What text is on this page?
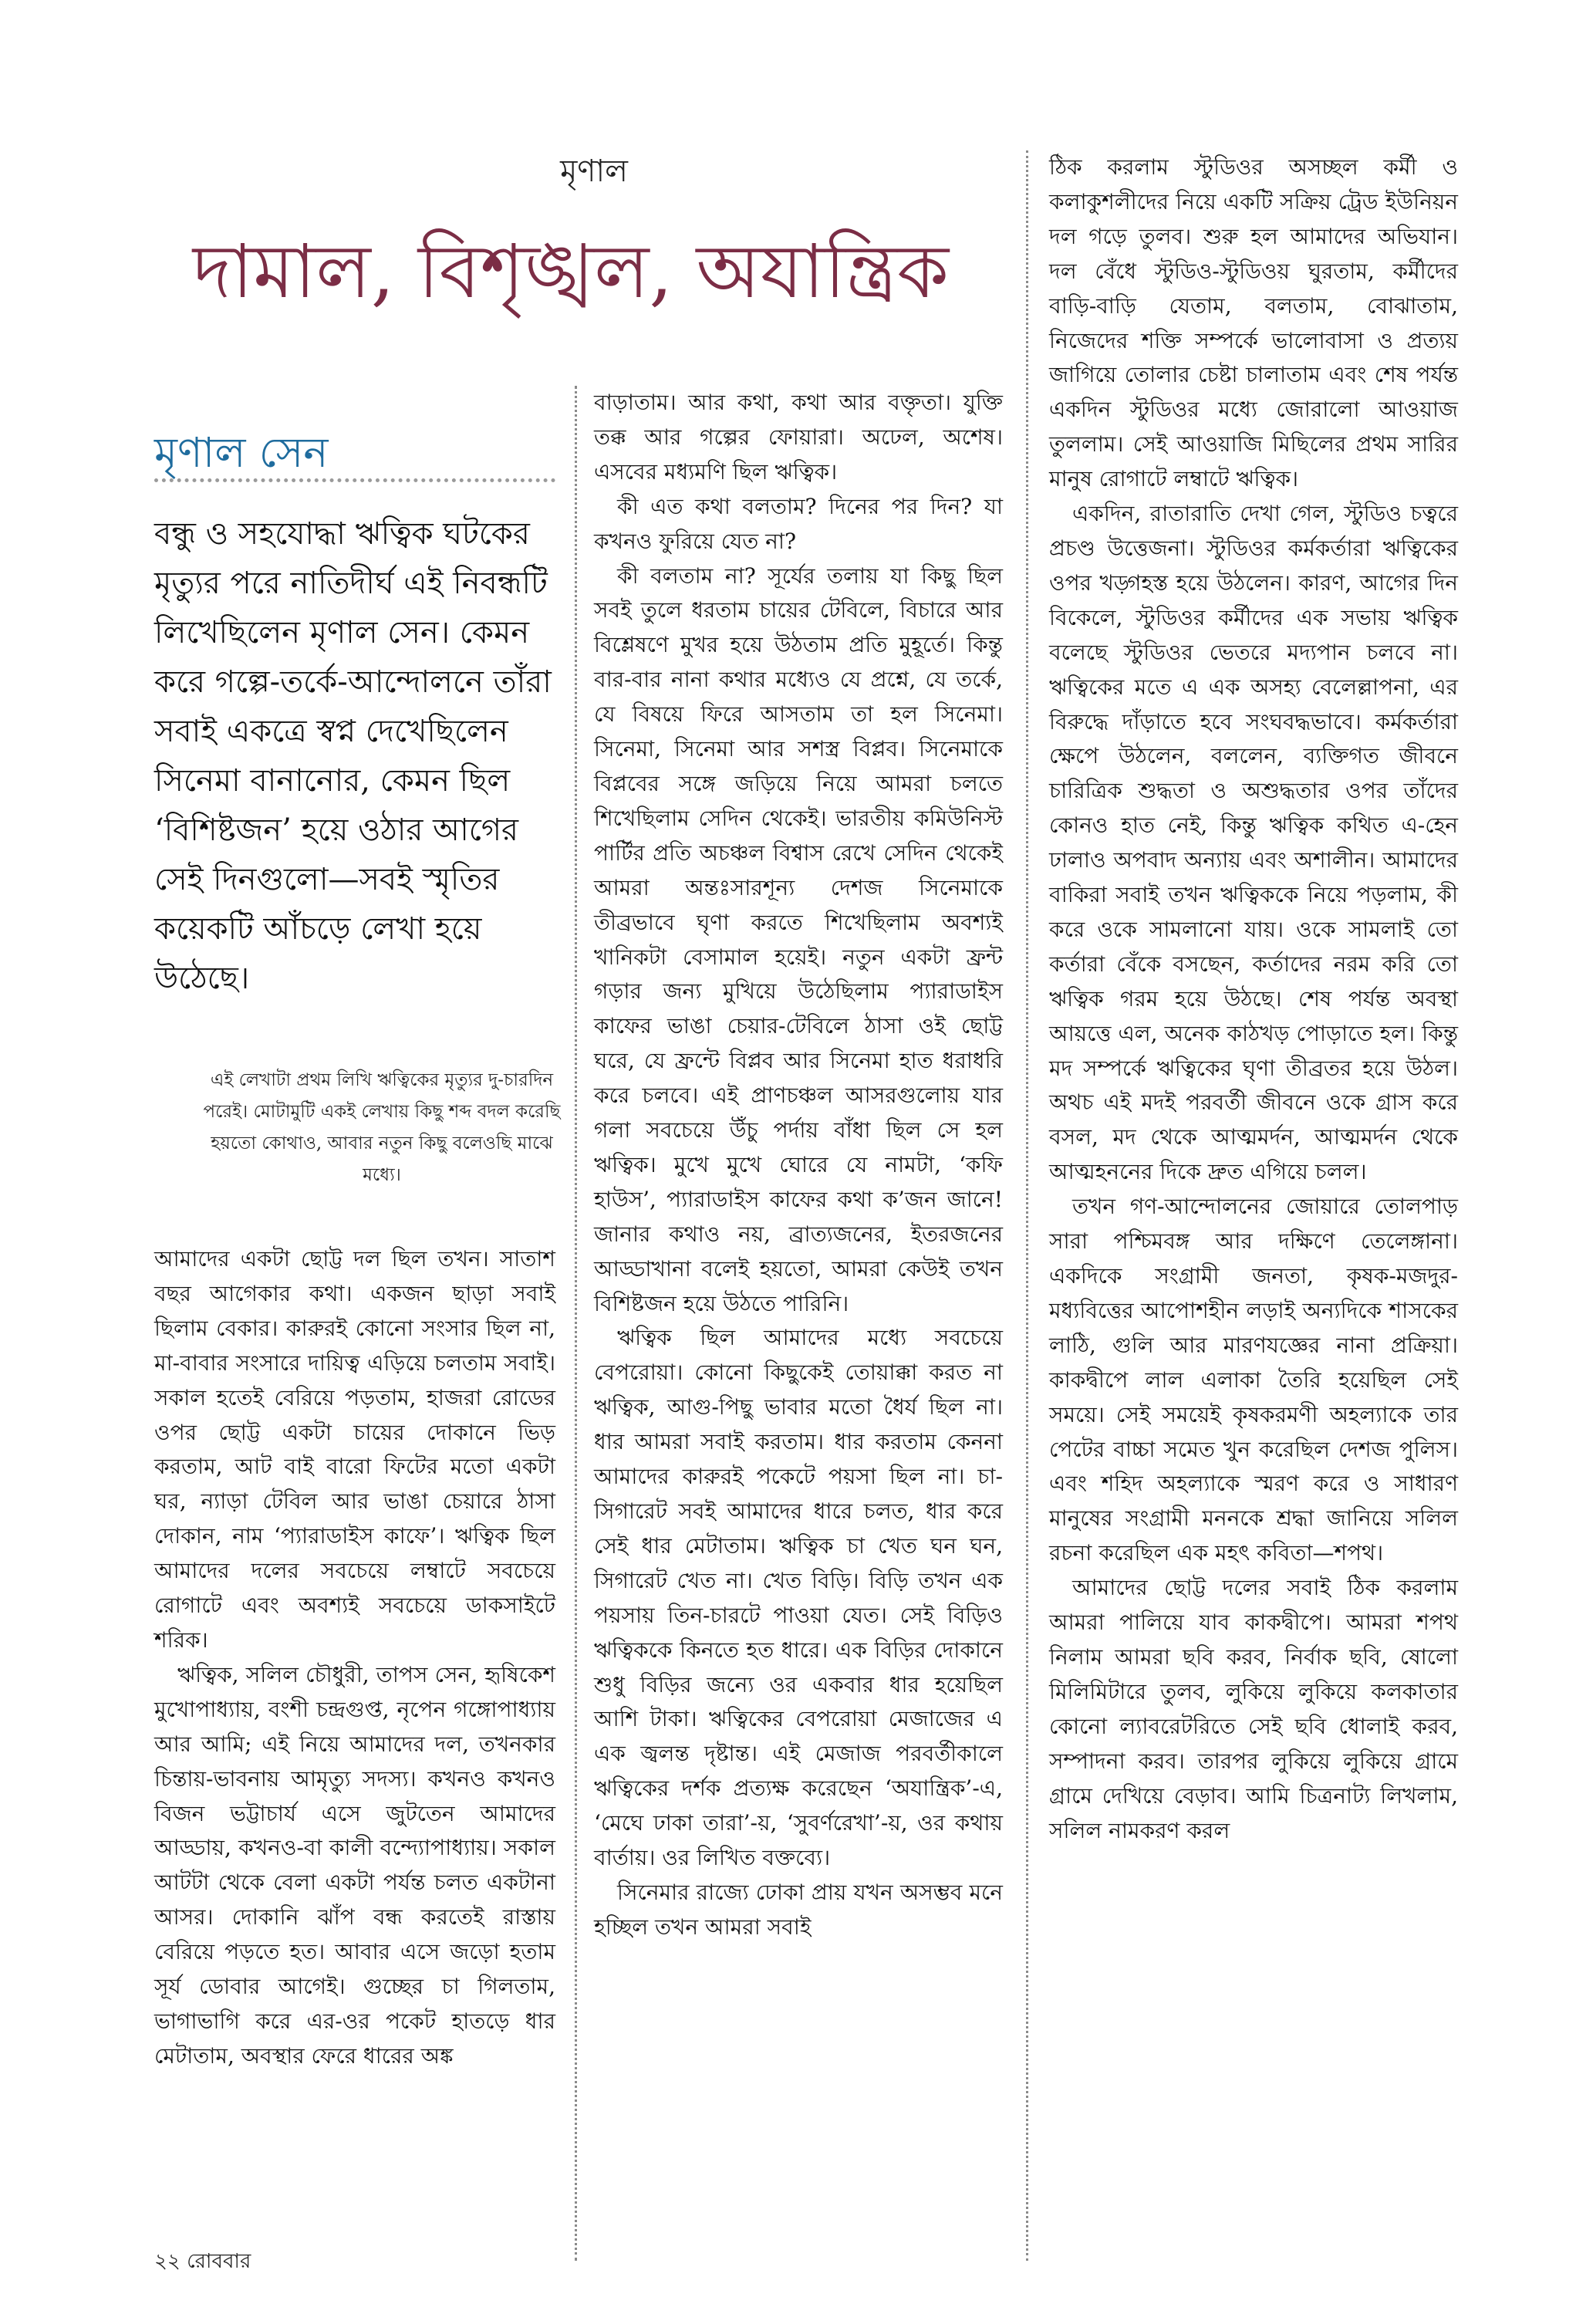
মৃণাল
দামাল, বিশৃঙ্খল, অযান্ত্রিক
মৃণাল সেন

বন্ধু ও সহযোদ্ধা ঋত্বিক ঘটকের মৃত্যুর পরে নাতিদীর্ঘ এই নিবন্ধটি লিখেছিলেন মৃণাল সেন। কেমন করে গল্পে-তর্কে-আন্দোলনে তাঁরা সবাই একত্রে স্বপ্ন দেখেছিলেন সিনেমা বানানোর, কেমন ছিল ‘বিশিষ্টজন’ হয়ে ওঠার আগের সেই দিনগুলো—সবই স্মৃতির কয়েকটি আঁচড়ে লেখা হয়ে উঠেছে।

এই লেখাটা প্রথম লিখি ঋত্বিকের মৃত্যুর দু-চারদিন পরেই। মোটামুটি একই লেখায় কিছু শব্দ বদল করেছি হয়তো কোথাও, আবার নতুন কিছু বলেওছি মাঝে মধ্যে।

আমাদের একটা ছোট্ট দল ছিল তখন। সাতাশ বছর আগেকার কথা। একজন ছাড়া সবাই ছিলাম বেকার। কারুরই কোনো সংসার ছিল না, মা-বাবার সংসারে দায়িত্ব এড়িয়ে চলতাম সবাই। সকাল হতেই বেরিয়ে পড়তাম, হাজরা রোডের ওপর ছোট্ট একটা চায়ের দোকানে ভিড় করতাম, আট বাই বারো ফিটের মতো একটা ঘর, ন্যাড়া টেবিল আর ভাঙা চেয়ারে ঠাসা দোকান, নাম ‘প্যারাডাইস কাফে’। ঋত্বিক ছিল আমাদের দলের সবচেয়ে লম্বাটে সবচেয়ে রোগাটে এবং অবশ্যই সবচেয়ে ডাকসাইটে শরিক।

ঋত্বিক, সলিল চৌধুরী, তাপস সেন, হৃষিকেশ মুখোপাধ্যায়, বংশী চন্দ্রগুপ্ত, নৃপেন গঙ্গোপাধ্যায় আর আমি; এই নিয়ে আমাদের দল, তখনকার চিন্তায়-ভাবনায় আমৃত্যু সদস্য। কখনও কখনও বিজন ভট্টাচার্য এসে জুটতেন আমাদের আড্ডায়, কখনও-বা কালী বন্দ্যোপাধ্যায়। সকাল আটটা থেকে বেলা একটা পর্যন্ত চলত একটানা আসর। দোকানি ঝাঁপ বন্ধ করতেই রাস্তায় বেরিয়ে পড়তে হত। আবার এসে জড়ো হতাম সূর্য ডোবার আগেই। গুচ্ছের চা গিলতাম, ভাগাভাগি করে এর-ওর পকেট হাতড়ে ধার মেটাতাম, অবস্থার ফেরে ধারের অঙ্ক

বাড়াতাম। আর কথা, কথা আর বক্তৃতা। যুক্তি তক্ক আর গল্পের ফোয়ারা। অঢেল, অশেষ। এসবের মধ্যমণি ছিল ঋত্বিক।

কী এত কথা বলতাম? দিনের পর দিন? যা কখনও ফুরিয়ে যেত না?

কী বলতাম না? সূর্যের তলায় যা কিছু ছিল সবই তুলে ধরতাম চায়ের টেবিলে, বিচারে আর বিশ্লেষণে মুখর হয়ে উঠতাম প্রতি মুহূর্তে। কিন্তু বার-বার নানা কথার মধ্যেও যে প্রশ্নে, যে তর্কে, যে বিষয়ে ফিরে আসতাম তা হল সিনেমা। সিনেমা, সিনেমা আর সশস্ত্র বিপ্লব। সিনেমাকে বিপ্লবের সঙ্গে জড়িয়ে নিয়ে আমরা চলতে শিখেছিলাম সেদিন থেকেই। ভারতীয় কমিউনিস্ট পার্টির প্রতি অচঞ্চল বিশ্বাস রেখে সেদিন থেকেই আমরা অন্তঃসারশূন্য দেশজ সিনেমাকে তীব্রভাবে ঘৃণা করতে শিখেছিলাম অবশ্যই খানিকটা বেসামাল হয়েই। নতুন একটা ফ্রন্ট গড়ার জন্য মুখিয়ে উঠেছিলাম প্যারাডাইস কাফের ভাঙা চেয়ার-টেবিলে ঠাসা ওই ছোট্ট ঘরে, যে ফ্রন্টে বিপ্লব আর সিনেমা হাত ধরাধরি করে চলবে। এই প্রাণচঞ্চল আসরগুলোয় যার গলা সবচেয়ে উঁচু পর্দায় বাঁধা ছিল সে হল ঋত্বিক। মুখে মুখে ঘোরে যে নামটা, ‘কফি হাউস’, প্যারাডাইস কাফের কথা ক’জন জানে! জানার কথাও নয়, ব্রাত্যজনের, ইতরজনের আড্ডাখানা বলেই হয়তো, আমরা কেউই তখন বিশিষ্টজন হয়ে উঠতে পারিনি।

ঋত্বিক ছিল আমাদের মধ্যে সবচেয়ে বেপরোয়া। কোনো কিছুকেই তোয়াক্কা করত না ঋত্বিক, আগু-পিছু ভাবার মতো ধৈর্য ছিল না। ধার আমরা সবাই করতাম। ধার করতাম কেননা আমাদের কারুরই পকেটে পয়সা ছিল না। চা-সিগারেট সবই আমাদের ধারে চলত, ধার করে সেই ধার মেটাতাম। ঋত্বিক চা খেত ঘন ঘন, সিগারেট খেত না। খেত বিড়ি। বিড়ি তখন এক পয়সায় তিন-চারটে পাওয়া যেত। সেই বিড়িও ঋত্বিককে কিনতে হত ধারে। এক বিড়ির দোকানে শুধু বিড়ির জন্যে ওর একবার ধার হয়েছিল আশি টাকা। ঋত্বিকের বেপরোয়া মেজাজের এ এক জ্বলন্ত দৃষ্টান্ত। এই মেজাজ পরবর্তীকালে ঋত্বিকের দর্শক প্রত্যক্ষ করেছেন ‘অযান্ত্রিক’-এ, ‘মেঘে ঢাকা তারা’-য়, ‘সুবর্ণরেখা’-য়, ওর কথায় বার্তায়। ওর লিখিত বক্তব্যে।

সিনেমার রাজ্যে ঢোকা প্রায় যখন অসম্ভব মনে হচ্ছিল তখন আমরা সবাই

ঠিক করলাম স্টুডিওর অসচ্ছল কর্মী ও কলাকুশলীদের নিয়ে একটি সক্রিয় ট্রেড ইউনিয়ন দল গড়ে তুলব। শুরু হল আমাদের অভিযান। দল বেঁধে স্টুডিও-স্টুডিওয় ঘুরতাম, কর্মীদের বাড়ি-বাড়ি যেতাম, বলতাম, বোঝাতাম, নিজেদের শক্তি সম্পর্কে ভালোবাসা ও প্রত্যয় জাগিয়ে তোলার চেষ্টা চালাতাম এবং শেষ পর্যন্ত একদিন স্টুডিওর মধ্যে জোরালো আওয়াজ তুললাম। সেই আওয়াজি মিছিলের প্রথম সারির মানুষ রোগাটে লম্বাটে ঋত্বিক।

একদিন, রাতারাতি দেখা গেল, স্টুডিও চত্বরে প্রচণ্ড উত্তেজনা। স্টুডিওর কর্মকর্তারা ঋত্বিকের ওপর খড়্গহস্ত হয়ে উঠলেন। কারণ, আগের দিন বিকেলে, স্টুডিওর কর্মীদের এক সভায় ঋত্বিক বলেছে স্টুডিওর ভেতরে মদ্যপান চলবে না। ঋত্বিকের মতে এ এক অসহ্য বেলেল্লাপনা, এর বিরুদ্ধে দাঁড়াতে হবে সংঘবদ্ধভাবে। কর্মকর্তারা ক্ষেপে উঠলেন, বললেন, ব্যক্তিগত জীবনে চারিত্রিক শুদ্ধতা ও অশুদ্ধতার ওপর তাঁদের কোনও হাত নেই, কিন্তু ঋত্বিক কথিত এ-হেন ঢালাও অপবাদ অন্যায় এবং অশালীন। আমাদের বাকিরা সবাই তখন ঋত্বিককে নিয়ে পড়লাম, কী করে ওকে সামলানো যায়। ওকে সামলাই তো কর্তারা বেঁকে বসছেন, কর্তাদের নরম করি তো ঋত্বিক গরম হয়ে উঠছে। শেষ পর্যন্ত অবস্থা আয়ত্তে এল, অনেক কাঠখড় পোড়াতে হল। কিন্তু মদ সম্পর্কে ঋত্বিকের ঘৃণা তীব্রতর হয়ে উঠল। অথচ এই মদই পরবর্তী জীবনে ওকে গ্রাস করে বসল, মদ থেকে আত্মমর্দন, আত্মমর্দন থেকে আত্মহননের দিকে দ্রুত এগিয়ে চলল।

তখন গণ-আন্দোলনের জোয়ারে তোলপাড় সারা পশ্চিমবঙ্গ আর দক্ষিণে তেলেঙ্গানা। একদিকে সংগ্রামী জনতা, কৃষক-মজদুর-মধ্যবিত্তের আপোশহীন লড়াই অন্যদিকে শাসকের লাঠি, গুলি আর মারণযজ্ঞের নানা প্রক্রিয়া। কাকদ্বীপে লাল এলাকা তৈরি হয়েছিল সেই সময়ে। সেই সময়েই কৃষকরমণী অহল্যাকে তার পেটের বাচ্চা সমেত খুন করেছিল দেশজ পুলিস। এবং শহিদ অহল্যাকে স্মরণ করে ও সাধারণ মানুষের সংগ্রামী মননকে শ্রদ্ধা জানিয়ে সলিল রচনা করেছিল এক মহৎ কবিতা—শপথ।

আমাদের ছোট্ট দলের সবাই ঠিক করলাম আমরা পালিয়ে যাব কাকদ্বীপে। আমরা শপথ নিলাম আমরা ছবি করব, নির্বাক ছবি, ষোলো মিলিমিটারে তুলব, লুকিয়ে লুকিয়ে কলকাতার কোনো ল্যাবরেটরিতে সেই ছবি ধোলাই করব, সম্পাদনা করব। তারপর লুকিয়ে লুকিয়ে গ্রামে গ্রামে দেখিয়ে বেড়াব। আমি চিত্রনাট্য লিখলাম, সলিল নামকরণ করল

২২ রোববার
